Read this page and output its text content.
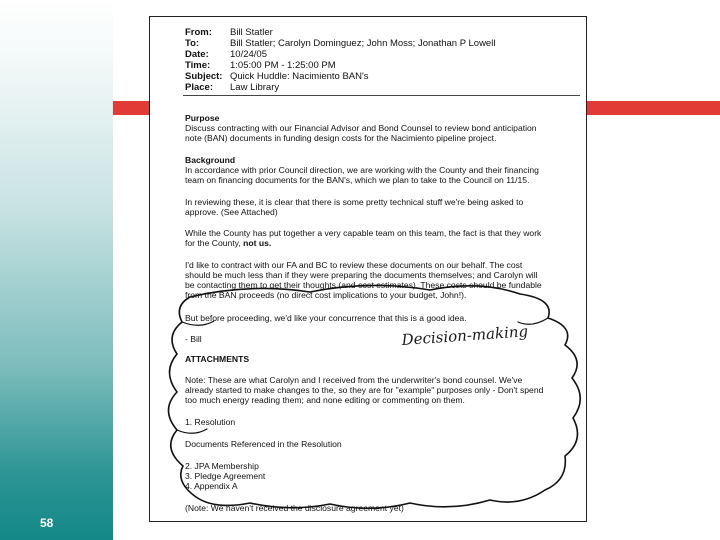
58
From: Bill Statler
To:	Bill Statler; Carolyn Dominguez; John Moss; Jonathan P Lowell
Date: 10/24/05
Time: 1:05:00 PM - 1:25:00 PM
Subject: Quick Huddle: Nacimiento BAN's
Place: Law Library
Purpose
Discuss contracting with our Financial Advisor and Bond Counsel to review bond anticipation
note (BAN) documents in funding design costs for the Nacimiento pipeline project.
Background
In accordance with prior Council direction, we are working with the County and their financing
team on financing documents for the BAN's, which we plan to take to the Council on 11/15.
In reviewing these, it is clear that there is some pretty technical stuff we're being asked to
approve. (See Attached)
While the County has put together a very capable team on this team, the fact is that they work
for the County, not us.
I'd like to contract with our FA and BC to review these documents on our behalf. The cost
should be much less than if they were preparing the documents themselves; and Carolyn will
be contacting them to get their thoughts (and cost estimates). These costs should be fundable
from the BAN proceeds (no direct cost implications to your budget, John!).
But before proceeding, we'd like your concurrence that this is a good idea.
- Bill
ATTACHMENTS
Note: These are what Carolyn and I received from the underwriter's bond counsel. We've
already started to make changes to the, so they are for "example" purposes only - Don't spend
too much energy reading them; and none editing or commenting on them.
1. Resolution
Documents Referenced in the Resolution
2. JPA Membership
3. Pledge Agreement
4. Appendix A
(Note: We haven't received the disclosure agreement yet)
Decision-making
